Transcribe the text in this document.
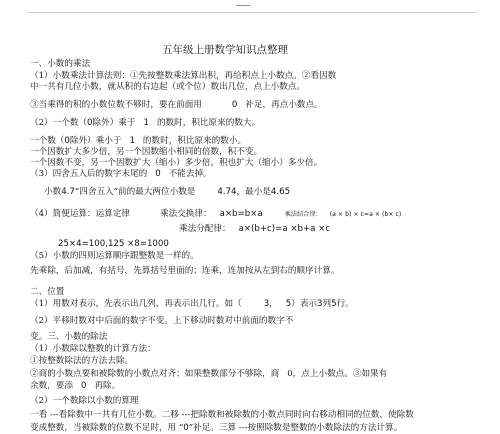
五年级上册数学知识点整理
一、小数的乘法
（1）小数乘法计算法则：①先按整数乘法算出积，再给积点上小数点。②看因数
中一共有几位小数，就从积的右边起（或个位）数出几位，点上小数点。
③当乘得的积的小数位数不够时，要在前面用	0 补足，再点小数点。
（2）一个数（0除外）乘于 1 的数时，积比原来的数大。
一个数（0除外）乘小于 1 的数时，积比原来的数小。
一个因数扩大多少倍，另一个因数缩小相同的倍数，积不变。
一个因数不变，另一个因数扩大（缩小）多少倍，积也扩大（缩小）多少倍。
（3）四舍五入后的数字末尾的 0 不能去掉。
小数4.7“四舍五入”前的最大两位小数是	4.74，最小是4.65
（4）简便运算：运算定律	乘法交换律： a×b=b×a	乘法结合律： (a × b) × c=a × (b× c)
乘法分配律： a×(b+c)=a ×b+a ×c
25×4=100,125 ×8=1000
（5）小数的四则运算顺序跟整数是一样的。
先乘除，后加减，有括号，先算括号里面的；连乘，连加按从左到右的顺序计算。
二、位置
（1）用数对表示，先表示出几列，再表示出几行。如（	3， 5）表示3列5行。
（2）平移时数对中后面的数字不变。上下移动时数对中前面的数字不
变。三、小数的除法
（1）小数除以整数的计算方法：
①按整数除法的方法去除。
②商的小数点要和被除数的小数点对齐；如果整数部分不够除，商 0，点上小数点。③如果有
余数，要添 0 再除。
（2）一个数除以小数的算理
一看 ---看除数中一共有几位小数。二移 ---把除数和被除数的小数点同时向右移动相同的位数，使除数
变成整数，当被除数的位数不足时，用 “0”补足。三算 ---按照除数是整数的小数除法的方法计算。
